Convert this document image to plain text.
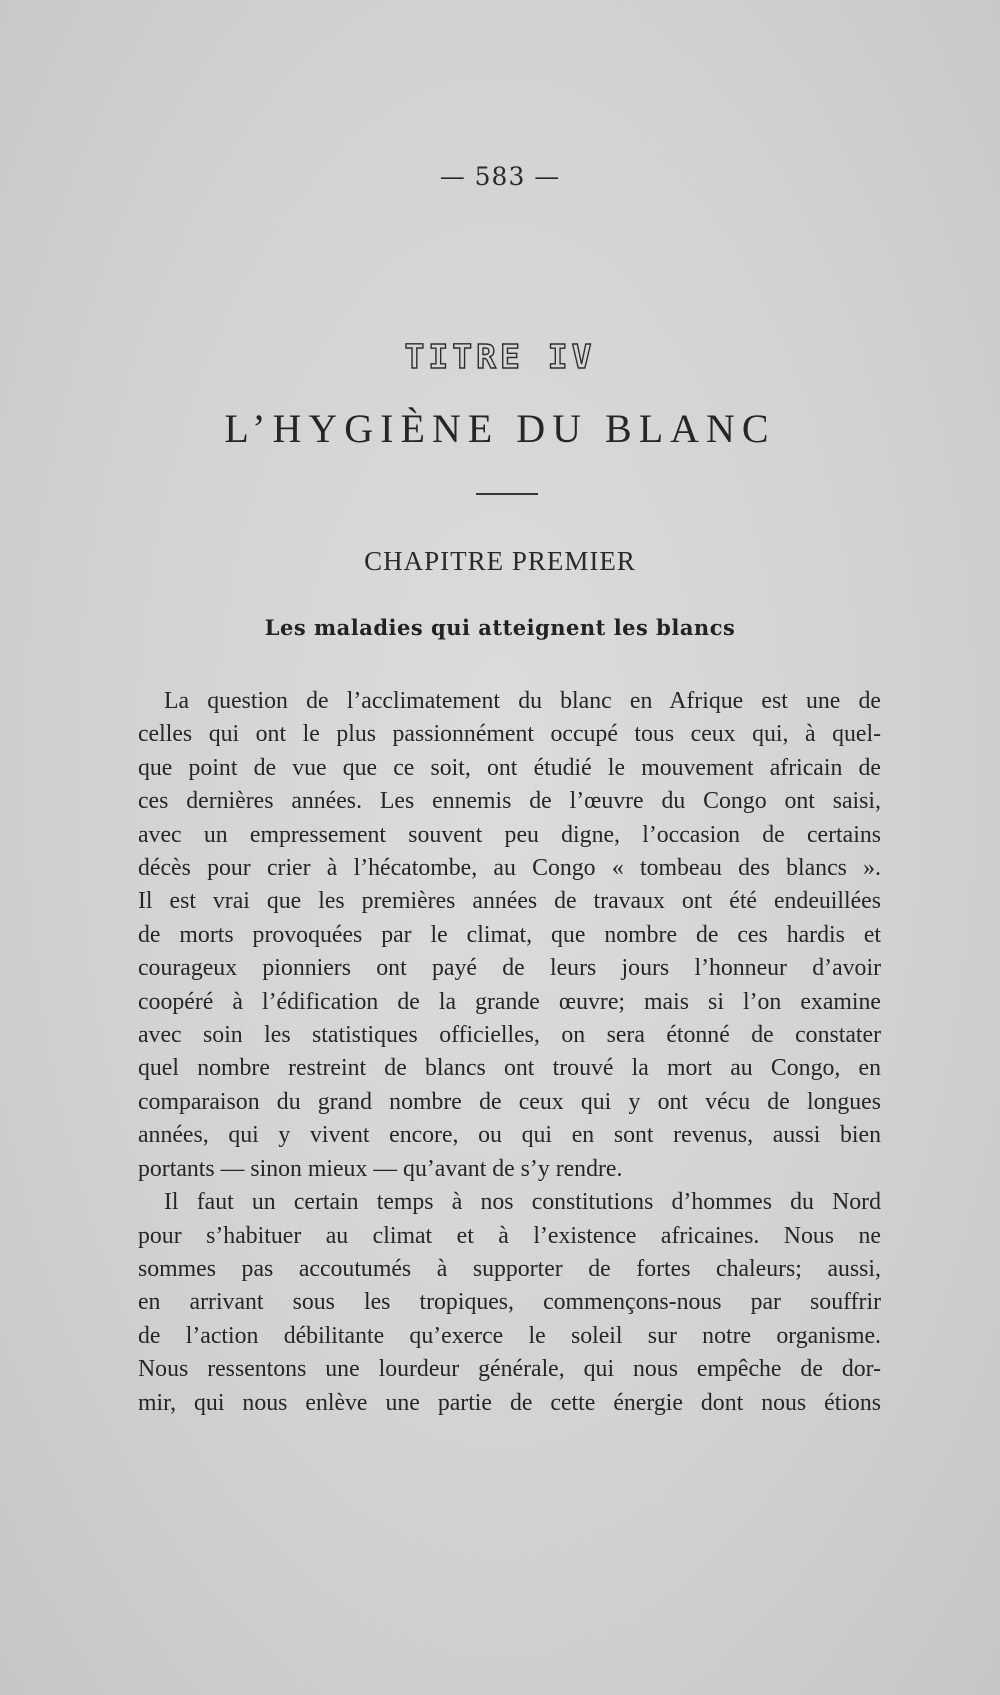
— 583 —
TITRE IV
L’HYGIÈNE DU BLANC
CHAPITRE PREMIER
Les maladies qui atteignent les blancs
La question de l’acclimatement du blanc en Afrique est une de
celles qui ont le plus passionnément occupé tous ceux qui, à quel-
que point de vue que ce soit, ont étudié le mouvement africain de
ces dernières années. Les ennemis de l’œuvre du Congo ont saisi,
avec un empressement souvent peu digne, l’occasion de certains
décès pour crier à l’hécatombe, au Congo « tombeau des blancs ».
Il est vrai que les premières années de travaux ont été endeuillées
de morts provoquées par le climat, que nombre de ces hardis et
courageux pionniers ont payé de leurs jours l’honneur d’avoir
coopéré à l’édification de la grande œuvre; mais si l’on examine
avec soin les statistiques officielles, on sera étonné de constater
quel nombre restreint de blancs ont trouvé la mort au Congo, en
comparaison du grand nombre de ceux qui y ont vécu de longues
années, qui y vivent encore, ou qui en sont revenus, aussi bien
portants — sinon mieux — qu’avant de s’y rendre.
Il faut un certain temps à nos constitutions d’hommes du Nord
pour s’habituer au climat et à l’existence africaines. Nous ne
sommes pas accoutumés à supporter de fortes chaleurs; aussi,
en arrivant sous les tropiques, commençons-nous par souffrir
de l’action débilitante qu’exerce le soleil sur notre organisme.
Nous ressentons une lourdeur générale, qui nous empêche de dor-
mir, qui nous enlève une partie de cette énergie dont nous étions
